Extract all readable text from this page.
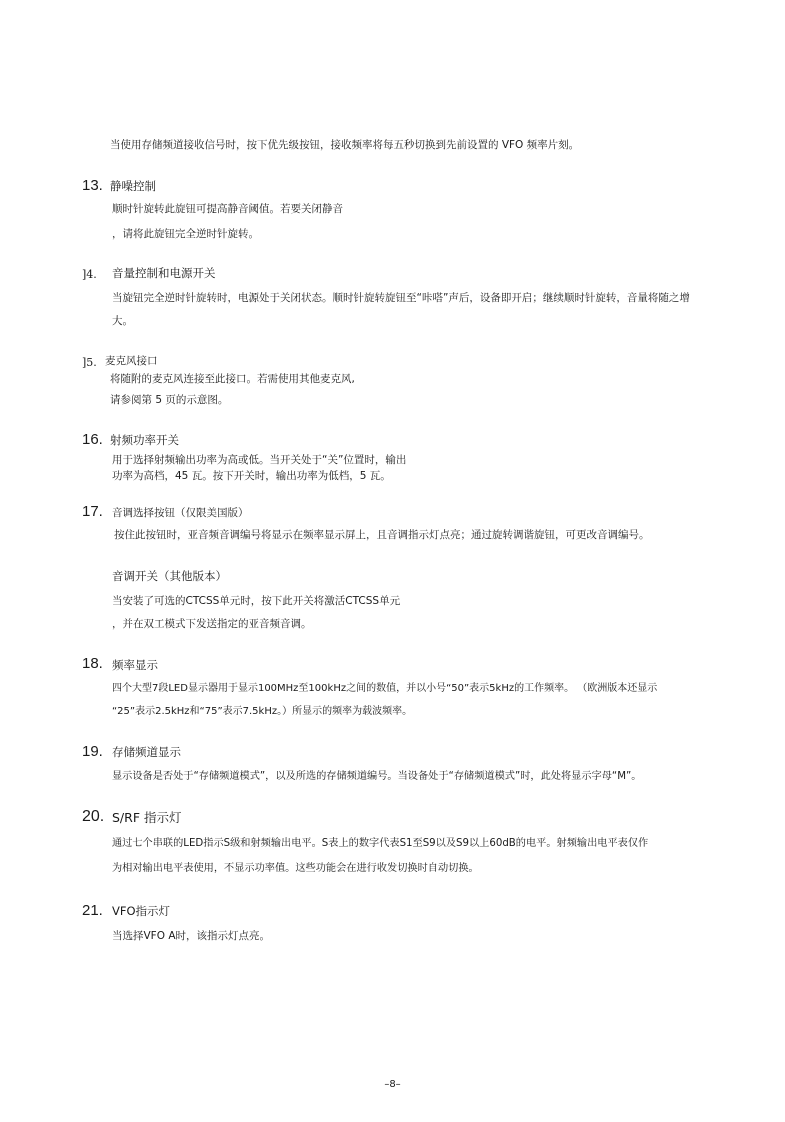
当使用存储频道接收信号时，按下优先级按钮，接收频率将每五秒切换到先前设置的 VFO 频率片刻。
13. 静噪控制
顺时针旋转此旋钮可提高静音阈值。若要关闭静音
，请将此旋钮完全逆时针旋转。
]4. 音量控制和电源开关
当旋钮完全逆时针旋转时，电源处于关闭状态。顺时针旋转旋钮至“咔嗒”声后，设备即开启；继续顺时针旋转，音量将随之增
大。
]5. 麦克风接口
将随附的麦克风连接至此接口。若需使用其他麦克风,
请参阅第 5 页的示意图。
16. 射频功率开关
用于选择射频输出功率为高或低。当开关处于“关”位置时，输出
功率为高档，45 瓦。按下开关时，输出功率为低档，5 瓦。
17. 音调选择按钮（仅限美国版）
按住此按钮时，亚音频音调编号将显示在频率显示屏上，且音调指示灯点亮；通过旋转调谐旋钮，可更改音调编号。
音调开关（其他版本）
当安装了可选的CTCSS单元时，按下此开关将激活CTCSS单元
，并在双工模式下发送指定的亚音频音调。
18. 频率显示
四个大型7段LED显示器用于显示100MHz至100kHz之间的数值，并以小号“50”表示5kHz的工作频率。 （欧洲版本还显示
“25”表示2.5kHz和“75”表示7.5kHz。）所显示的频率为载波频率。
19. 存储频道显示
显示设备是否处于“存储频道模式”，以及所选的存储频道编号。当设备处于“存储频道模式”时，此处将显示字母“M”。
20. S/RF 指示灯
通过七个串联的LED指示S级和射频输出电平。S表上的数字代表S1至S9以及S9以上60dB的电平。射频输出电平表仅作
为相对输出电平表使用，不显示功率值。这些功能会在进行收发切换时自动切换。
21. VFO指示灯
当选择VFO A时，该指示灯点亮。
–8–
